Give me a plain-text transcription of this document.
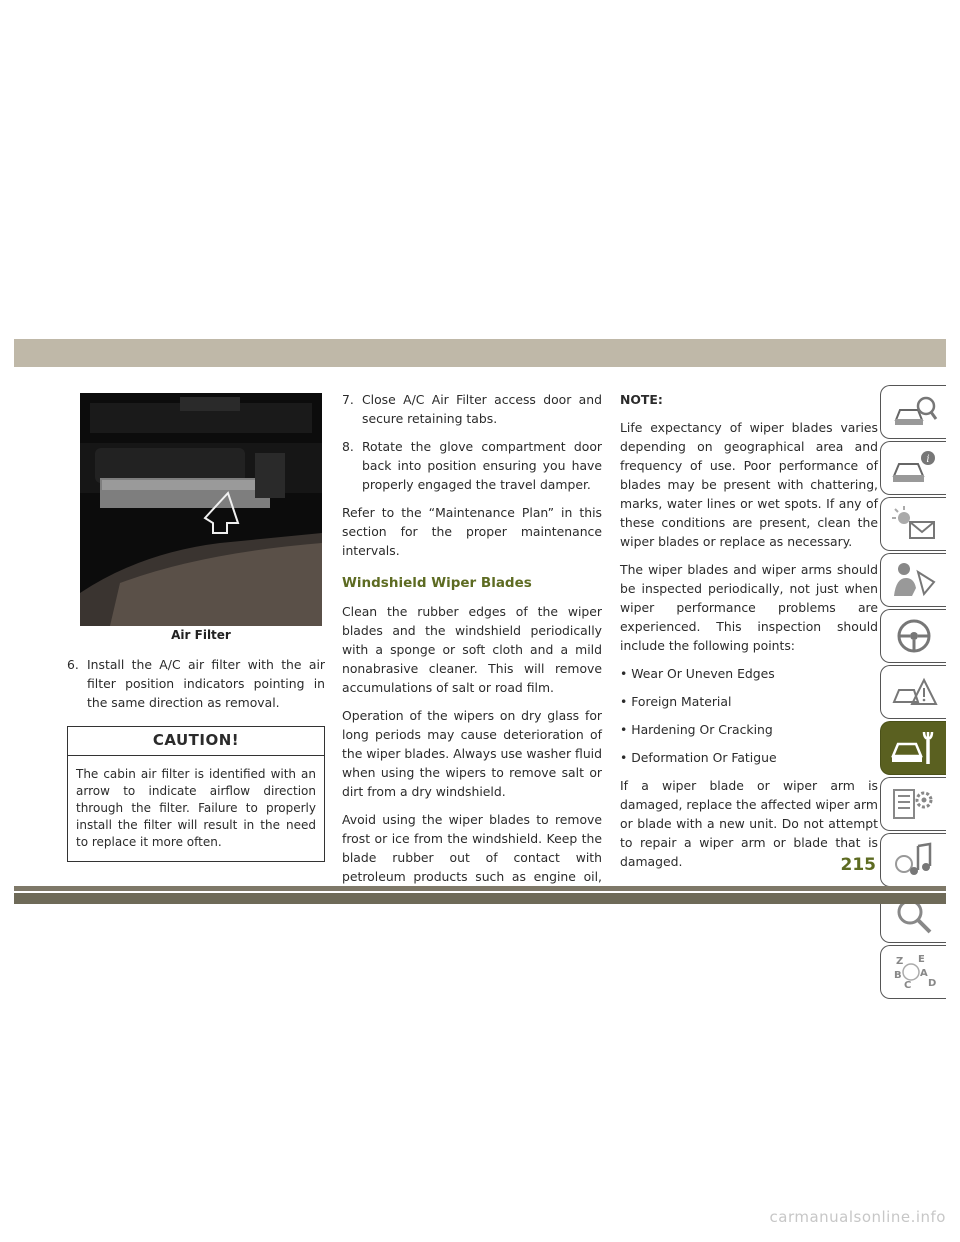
Air Filter
6. Install the A/C air filter with the air filter position indicators pointing in the same direction as removal.
CAUTION!
The cabin air filter is identified with an arrow to indicate airflow direction through the filter. Failure to properly install the filter will result in the need to replace it more often.
7. Close A/C Air Filter access door and secure retaining tabs.
8. Rotate the glove compartment door back into position ensuring you have properly engaged the travel damper.

Refer to the “Maintenance Plan” in this section for the proper maintenance intervals.

Windshield Wiper Blades

Clean the rubber edges of the wiper blades and the windshield periodically with a sponge or soft cloth and a mild nonabrasive cleaner. This will remove accumulations of salt or road film.

Operation of the wipers on dry glass for long periods may cause deterioration of the wiper blades. Always use washer fluid when using the wipers to remove salt or dirt from a dry windshield.

Avoid using the wiper blades to remove frost or ice from the windshield. Keep the blade rubber out of contact with petroleum products such as engine oil,

NOTE:

Life expectancy of wiper blades varies depending on geographical area and frequency of use. Poor performance of blades may be present with chattering, marks, water lines or wet spots. If any of these conditions are present, clean the wiper blades or replace as necessary.

The wiper blades and wiper arms should be inspected periodically, not just when wiper performance problems are experienced. This inspection should include the following points:

• Wear Or Uneven Edges

• Foreign Material

• Hardening Or Cracking

• Deformation Or Fatigue

If a wiper blade or wiper arm is damaged, replace the affected wiper arm or blade with a new unit. Do not attempt to repair a wiper arm or blade that is damaged.

i
Z E
B A
C D
215
carmanualsonline.info
